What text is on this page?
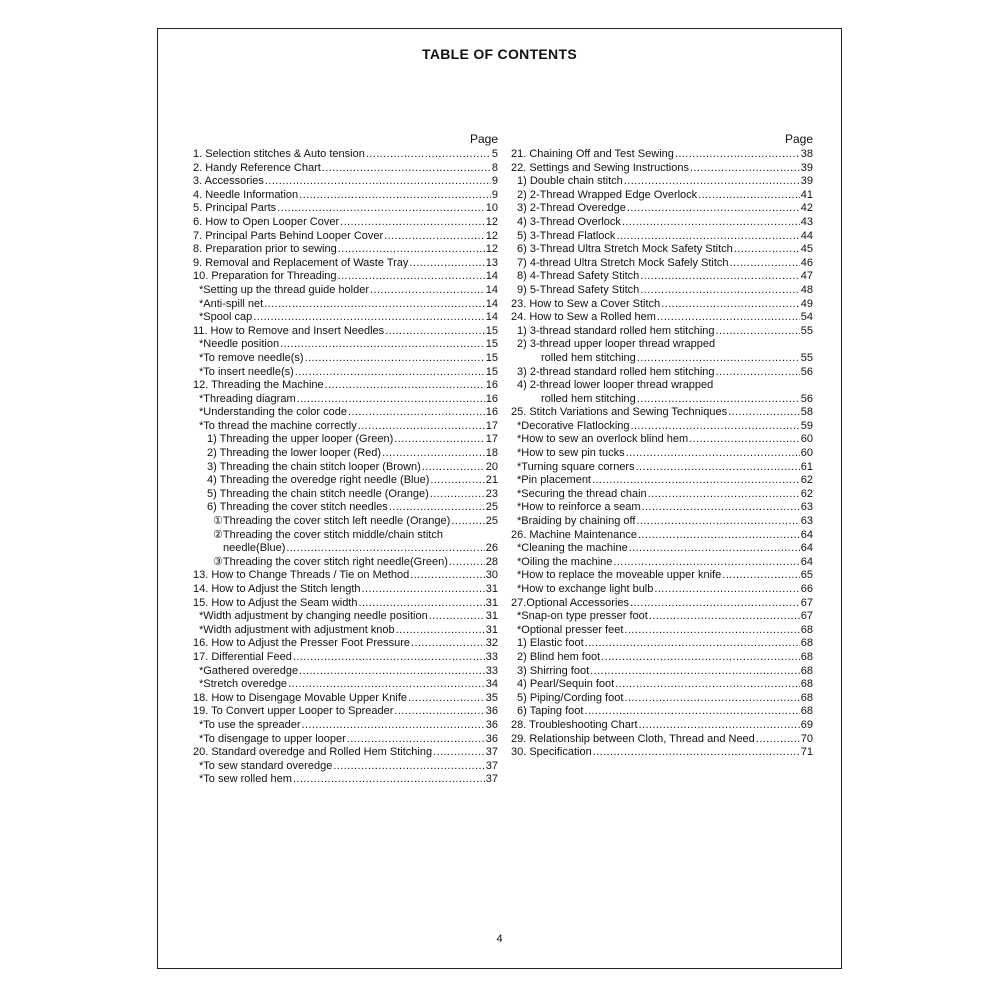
TABLE OF CONTENTS
Page
1. Selection stitches & Auto tension .....	5
2. Handy Reference Chart .....	8
3. Accessories .....	9
4. Needle Information .....	9
5. Principal Parts .....	10
6. How to Open Looper Cover .....	12
7. Principal Parts Behind Looper Cover .....	12
8. Preparation prior to sewing .....	12
9. Removal and Replacement of Waste Tray .....	13
10. Preparation for Threading .....	14
*Setting up the thread guide holder .....	14
*Anti-spill net .....	14
*Spool cap .....	14
11. How to Remove and Insert Needles .....	15
*Needle position .....	15
*To remove needle(s) .....	15
*To insert needle(s) .....	15
12. Threading the Machine .....	16
*Threading diagram .....	16
*Understanding the color code .....	16
*To thread the machine correctly .....	17
1) Threading the upper looper (Green) .....	17
2) Threading the lower looper (Red) .....	18
3) Threading the chain stitch looper (Brown) .....	20
4) Threading the overedge right needle (Blue) .....	21
5) Threading the chain stitch needle (Orange) .....	23
6) Threading the cover stitch needles .....	25
①Threading the cover stitch left needle (Orange) .....	25
②Threading the cover stitch middle/chain stitch
needle(Blue) .....	26
③Threading the cover stitch right needle(Green) .....	28
13. How to Change Threads / Tie on Method .....	30
14. How to Adjust the Stitch length .....	31
15. How to Adjust the Seam width .....	31
*Width adjustment by changing needle position .....	31
*Width adjustment with adjustment knob .....	31
16. How to Adjust the Presser Foot Pressure .....	32
17. Differential Feed .....	33
*Gathered overedge .....	33
*Stretch overedge .....	34
18. How to Disengage Movable Upper Knife .....	35
19. To Convert upper Looper to Spreader .....	36
*To use the spreader .....	36
*To disengage to upper looper .....	36
20. Standard overedge and Rolled Hem Stitching .....	37
*To sew standard overedge .....	37
*To sew rolled hem .....	37
Page
21. Chaining Off and Test Sewing .....	38
22. Settings and Sewing Instructions .....	39
1) Double chain stitch .....	39
2) 2-Thread Wrapped Edge Overlock .....	41
3) 2-Thread Overedge .....	42
4) 3-Thread Overlock .....	43
5) 3-Thread Flatlock .....	44
6) 3-Thread Ultra Stretch Mock Safety Stitch .....	45
7) 4-thread Ultra Stretch Mock Safely Stitch .....	46
8) 4-Thread Safety Stitch .....	47
9) 5-Thread Safety Stitch .....	48
23. How to Sew a Cover Stitch .....	49
24. How to Sew a Rolled hem .....	54
1) 3-thread standard rolled hem stitching .....	55
2) 3-thread upper looper thread wrapped
rolled hem stitching .....	55
3) 2-thread standard rolled hem stitching .....	56
4) 2-thread lower looper thread wrapped
rolled hem stitching .....	56
25. Stitch Variations and Sewing Techniques .....	58
*Decorative Flatlocking .....	59
*How to sew an overlock blind hem .....	60
*How to sew pin tucks .....	60
*Turning square corners .....	61
*Pin placement .....	62
*Securing the thread chain .....	62
*How to reinforce a seam .....	63
*Braiding by chaining off .....	63
26. Machine Maintenance .....	64
*Cleaning the machine .....	64
*Oiling the machine .....	64
*How to replace the moveable upper knife .....	65
*How to exchange light bulb .....	66
27.Optional Accessories .....	67
*Snap-on type presser foot .....	67
*Optional presser feet .....	68
1) Elastic foot .....	68
2) Blind hem foot .....	68
3) Shirring foot .....	68
4) Pearl/Sequin foot .....	68
5) Piping/Cording foot .....	68
6) Taping foot .....	68
28. Troubleshooting Chart .....	69
29. Relationship between Cloth, Thread and Need .....	70
30. Specification .....	71
4
